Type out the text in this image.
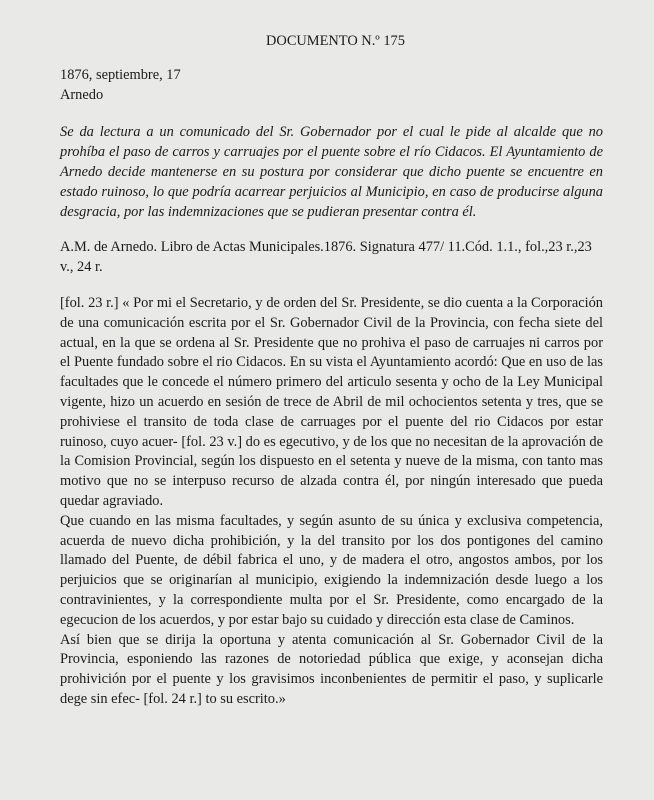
DOCUMENTO N.º 175
1876, septiembre, 17
Arnedo

Se da lectura a un comunicado del Sr. Gobernador por el cual le pide al alcalde que no prohíba el paso de carros y carruajes por el puente sobre el río Cidacos. El Ayuntamiento de Arnedo decide mantenerse en su postura por considerar que dicho puente se encuentre en estado ruinoso, lo que podría acarrear perjuicios al Municipio, en caso de producirse alguna desgracia, por las indemnizaciones que se pudieran presentar contra él.

A.M. de Arnedo. Libro de Actas Municipales.1876. Signatura 477/ 11.Cód. 1.1., fol.,23 r.,23 v., 24 r.

[fol. 23 r.] « Por mi el Secretario, y de orden del Sr. Presidente, se dio cuenta a la Corporación de una comunicación escrita por el Sr. Gobernador Civil de la Provincia, con fecha siete del actual, en la que se ordena al Sr. Presidente que no prohiva el paso de carruajes ni carros por el Puente fundado sobre el rio Cidacos. En su vista el Ayuntamiento acordó: Que en uso de las facultades que le concede el número primero del articulo sesenta y ocho de la Ley Municipal vigente, hizo un acuerdo en sesión de trece de Abril de mil ochocientos setenta y tres, que se prohiviese el transito de toda clase de carruages por el puente del rio Cidacos por estar ruinoso, cuyo acuer- [fol. 23 v.] do es egecutivo, y de los que no necesitan de la aprovación de la Comision Provincial, según los dispuesto en el setenta y nueve de la misma, con tanto mas motivo que no se interpuso recurso de alzada contra él, por ningún interesado que pueda quedar agraviado.

Que cuando en las misma facultades, y según asunto de su única y exclusiva competencia, acuerda de nuevo dicha prohibición, y la del transito por los dos pontigones del camino llamado del Puente, de débil fabrica el uno, y de madera el otro, angostos ambos, por los perjuicios que se originarían al municipio, exigiendo la indemnización desde luego a los contravinientes, y la correspondiente multa por el Sr. Presidente, como encargado de la egecucion de los acuerdos, y por estar bajo su cuidado y dirección esta clase de Caminos.

Así bien que se dirija la oportuna y atenta comunicación al Sr. Gobernador Civil de la Provincia, esponiendo las razones de notoriedad pública que exige, y aconsejan dicha prohivición por el puente y los gravisimos inconbenientes de permitir el paso, y suplicarle dege sin efec- [fol. 24 r.] to su escrito.»
